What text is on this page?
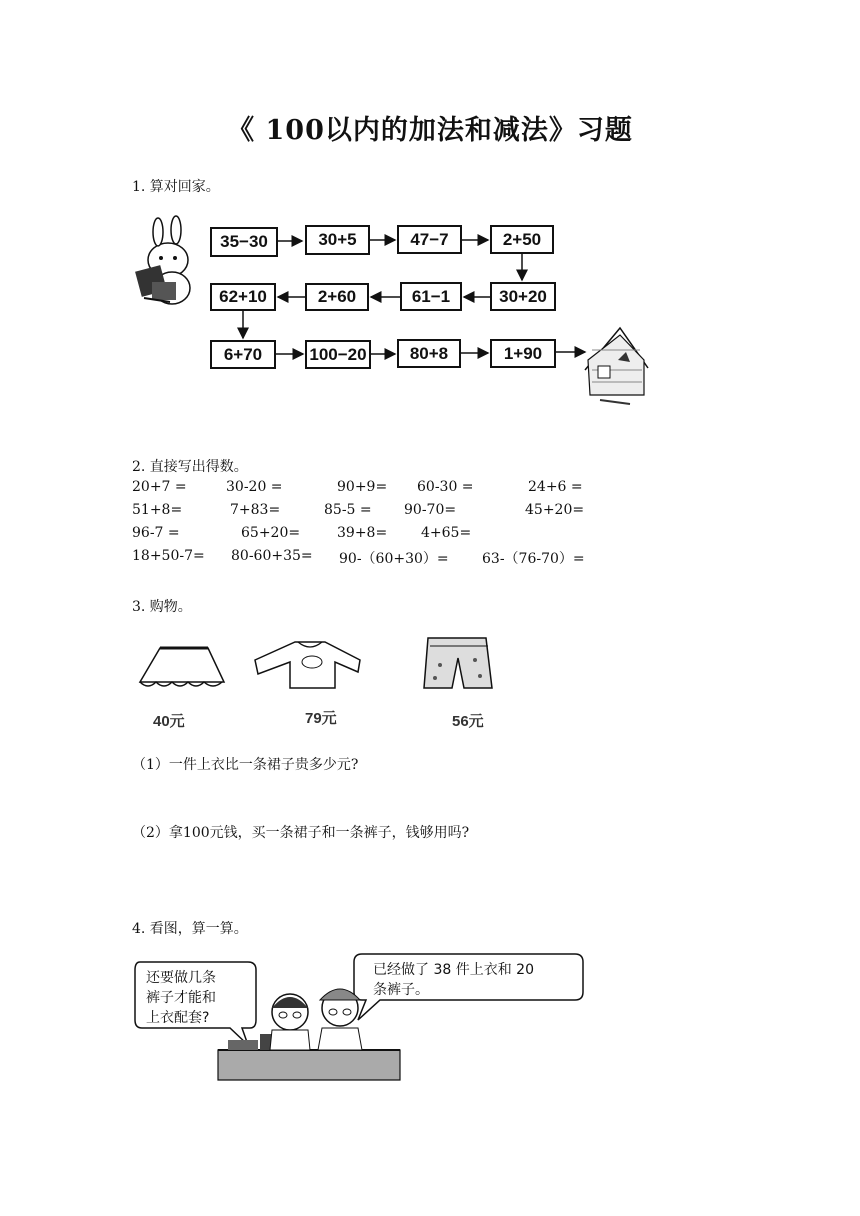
《 100以内的加法和减法》习题
1. 算对回家。
35−30	30+5	47−7	2+50
62+10	2+60	61−1	30+20
6+70	100−20	80+8	1+90
2. 直接写出得数。
20+7 =	30-20 =	90+9= 60-30 =	24+6 =
51+8=	7+83=	85-5 = 90-70=	45+20=
96-7 =	65+20=	39+8= 4+65=
18+50-7= 80-60+35= 90-（60+30）= 63-（76-70）=
3. 购物。
40元	79元	56元
（1）一件上衣比一条裙子贵多少元?
（2）拿100元钱，买一条裙子和一条裤子，钱够用吗?
4. 看图，算一算。
还要做几条
裤子才能和
上衣配套?
已经做了 38 件上衣和 20
条裤子。
